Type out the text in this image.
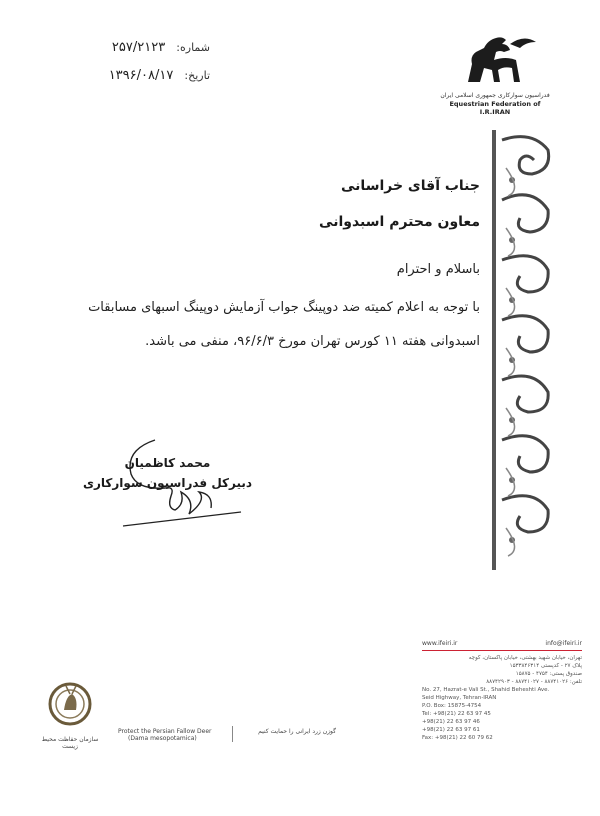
شماره: ۲۵۷/۲۱۲۳
تاریخ: ۱۳۹۶/۰۸/۱۷
فدراسیون سوارکاری جمهوری اسلامی ایران
Equestrian Federation of I.R.IRAN
جناب آقای خراسانی
معاون محترم اسبدوانی
باسلام و احترام
با توجه به اعلام کمیته ضد دوپینگ جواب آزمایش دوپینگ اسبهای مسابقات
اسبدوانی هفته ۱۱ کورس تهران مورخ ۹۶/۶/۳، منفی می باشد.
محمد کاظمیان
دبیرکل فدراسیون سوارکاری
www.ifeiri.ir	info@ifeiri.ir
تهران، خیابان شهید بهشتی، خیابان پاکستان، کوچه
پلاک ۲۷ - کدپستی ۱۵۳۳۸۴۶۳۱۴
صندوق پستی: ۴۷۵۴ - ۱۵۸۷۵
تلفن: ۸۸۷۴۱۰۲۶ - ۸۸۷۴۱۰۲۷ - ۸۸۷۴۲۹۰۳
No. 27, Hazrat-e Vali St., Shahid Beheshti Ave.
Seid Highway, Tehran-IRAN
P.O. Box: 15875-4754
Tel: +98(21) 22 63 97 45
+98(21) 22 63 97 46
+98(21) 22 63 97 61
Fax: +98(21) 22 60 79 62
سازمان حفاظت محیط زیست
Protect the Persian Fallow Deer
(Dama mesopotamica)
گوزن زرد ایرانی را حمایت کنیم
